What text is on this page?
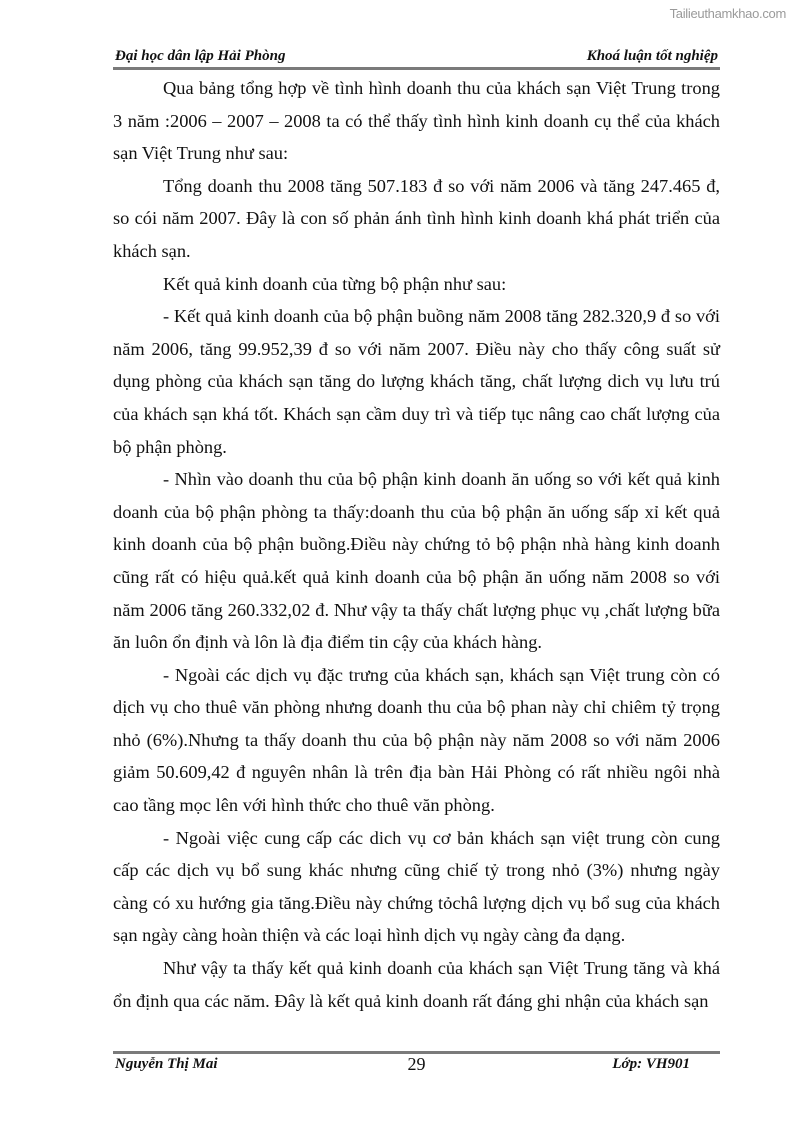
Tailieuthamkhao.com
Đại học dân lập Hải Phòng	Khoá luận tốt nghiệp

Qua bảng tổng hợp về tình hình doanh thu của khách sạn Việt Trung trong 3 năm :2006 – 2007 – 2008 ta có thể thấy tình hình kinh doanh cụ thể của khách sạn Việt Trung như sau:

Tổng doanh thu 2008 tăng 507.183 đ so với năm 2006 và tăng 247.465 đ, so cói năm 2007. Đây là con số phản ánh tình hình kinh doanh khá phát triển của khách sạn.

Kết quả kinh doanh của từng bộ phận như sau:

- Kết quả kinh doanh của bộ phận buồng năm 2008 tăng 282.320,9 đ so với năm 2006, tăng 99.952,39 đ so với năm 2007. Điều này cho thấy công suất sử dụng phòng của khách sạn tăng do lượng khách tăng, chất lượng dich vụ lưu trú của khách sạn khá tốt. Khách sạn cầm duy trì và tiếp tục nâng cao chất lượng của bộ phận phòng.

- Nhìn vào doanh thu của bộ phận kinh doanh ăn uống so với kết quả kinh doanh của bộ phận phòng ta thấy:doanh thu của bộ phận ăn uống sấp xỉ kết quả kinh doanh của bộ phận buồng.Điều này chứng tỏ bộ phận nhà hàng kinh doanh cũng rất có hiệu quả.kết quả kinh doanh của bộ phận ăn uống năm 2008 so với năm 2006 tăng 260.332,02 đ. Như vậy ta thấy chất lượng phục vụ ,chất lượng bữa ăn luôn ổn định và lôn là địa điểm tin cậy của khách hàng.

- Ngoài các dịch vụ đặc trưng của khách sạn, khách sạn Việt trung còn có dịch vụ cho thuê văn phòng nhưng doanh thu của bộ phan này chỉ chiêm tỷ trọng nhỏ (6%).Nhưng ta thấy doanh thu của bộ phận này năm 2008 so với năm 2006 giảm 50.609,42 đ nguyên nhân là trên địa bàn Hải Phòng có rất nhiều ngôi nhà cao tầng mọc lên với hình thức cho thuê văn phòng.

- Ngoài việc cung cấp các dich vụ cơ bản khách sạn việt trung còn cung cấp các dịch vụ bổ sung khác nhưng cũng chiế tỷ trong nhỏ (3%) nhưng ngày càng có xu hướng gia tăng.Điều này chứng tỏchâ lượng dịch vụ bổ sug của khách sạn ngày càng hoàn thiện và các loại hình dịch vụ ngày càng đa dạng.

Như vậy ta thấy kết quả kinh doanh của khách sạn Việt Trung tăng và khá ổn định qua các năm. Đây là kết quả kinh doanh rất đáng ghi nhận của khách sạn

Nguyễn Thị Mai	29	Lớp: VH901
